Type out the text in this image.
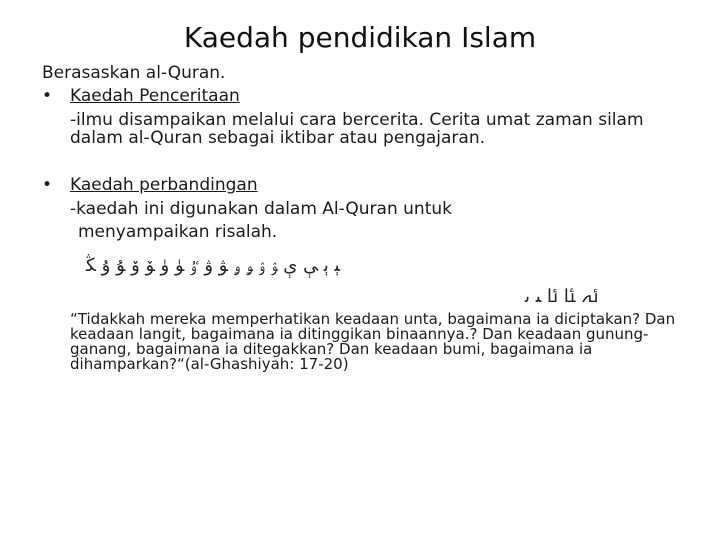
Kaedah pendidikan Islam
Berasaskan al-Quran.
• Kaedah Penceritaan
-ilmu disampaikan melalui cara bercerita. Cerita umat zaman silam
dalam al-Quran sebagai iktibar atau pengajaran.
• Kaedah perbandingan
-kaedah ini digunakan dalam Al-Quran untuk
menyampaikan risalah.
ﯖ ﯗ ﯘ ﯙ ﯚ ﯛ ﯜ ﯝ ﯞ ﯟ ﯠ ﯡ ﯢ ﯣ ﯤ ﯥ ﯦ ﯧ
ﯨ ﯩ ﯪ ﯫ ﯬ
“Tidakkah mereka memperhatikan keadaan unta, bagaimana ia diciptakan? Dan
keadaan langit, bagaimana ia ditinggikan binaannya.? Dan keadaan gunung-
ganang, bagaimana ia ditegakkan? Dan keadaan bumi, bagaimana ia
dihamparkan?“(al-Ghashiyah: 17-20)
